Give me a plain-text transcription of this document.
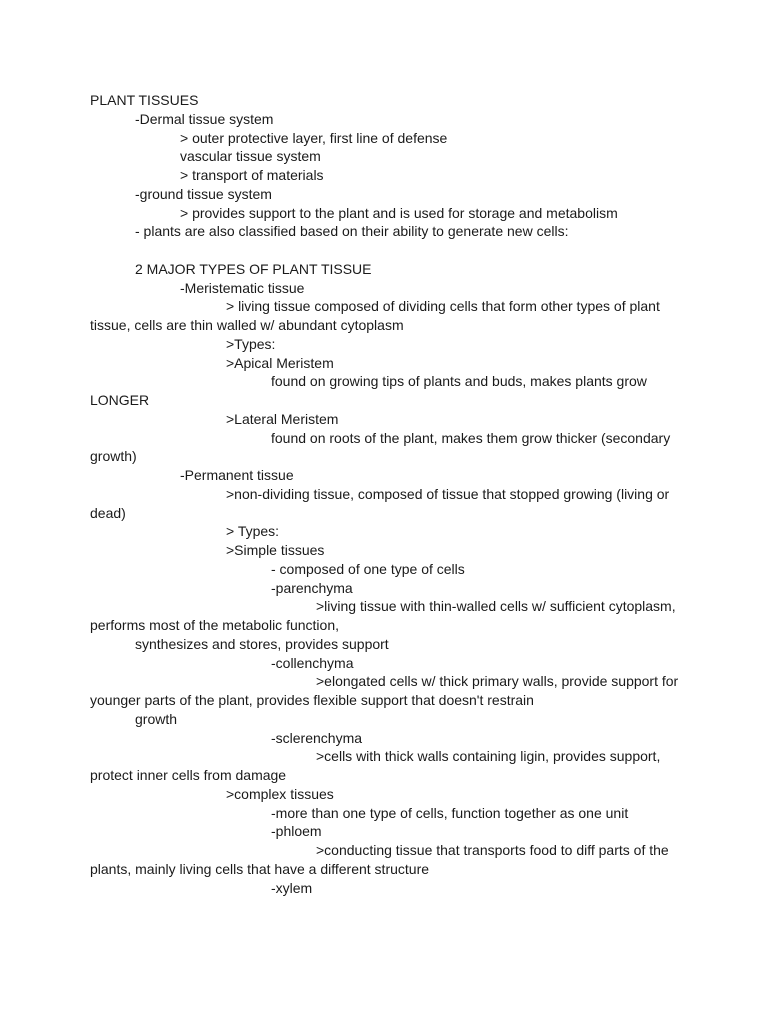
PLANT TISSUES
-Dermal tissue system
> outer protective layer, first line of defense
vascular tissue system
> transport of materials
-ground tissue system
> provides support to the plant and is used for storage and metabolism
- plants are also classified based on their ability to generate new cells:
2 MAJOR TYPES OF PLANT TISSUE
-Meristematic tissue
> living tissue composed of dividing cells that form other types of plant
tissue, cells are thin walled w/ abundant cytoplasm
>Types:
>Apical Meristem
found on growing tips of plants and buds, makes plants grow
LONGER
>Lateral Meristem
found on roots of the plant, makes them grow thicker (secondary
growth)
-Permanent tissue
>non-dividing tissue, composed of tissue that stopped growing (living or
dead)
> Types:
>Simple tissues
- composed of one type of cells
-parenchyma
>living tissue with thin-walled cells w/ sufficient cytoplasm,
performs most of the metabolic function,
synthesizes and stores, provides support
-collenchyma
>elongated cells w/ thick primary walls, provide support for
younger parts of the plant, provides flexible support that doesn't restrain
growth
-sclerenchyma
>cells with thick walls containing ligin, provides support,
protect inner cells from damage
>complex tissues
-more than one type of cells, function together as one unit
-phloem
>conducting tissue that transports food to diff parts of the
plants, mainly living cells that have a different structure
-xylem
